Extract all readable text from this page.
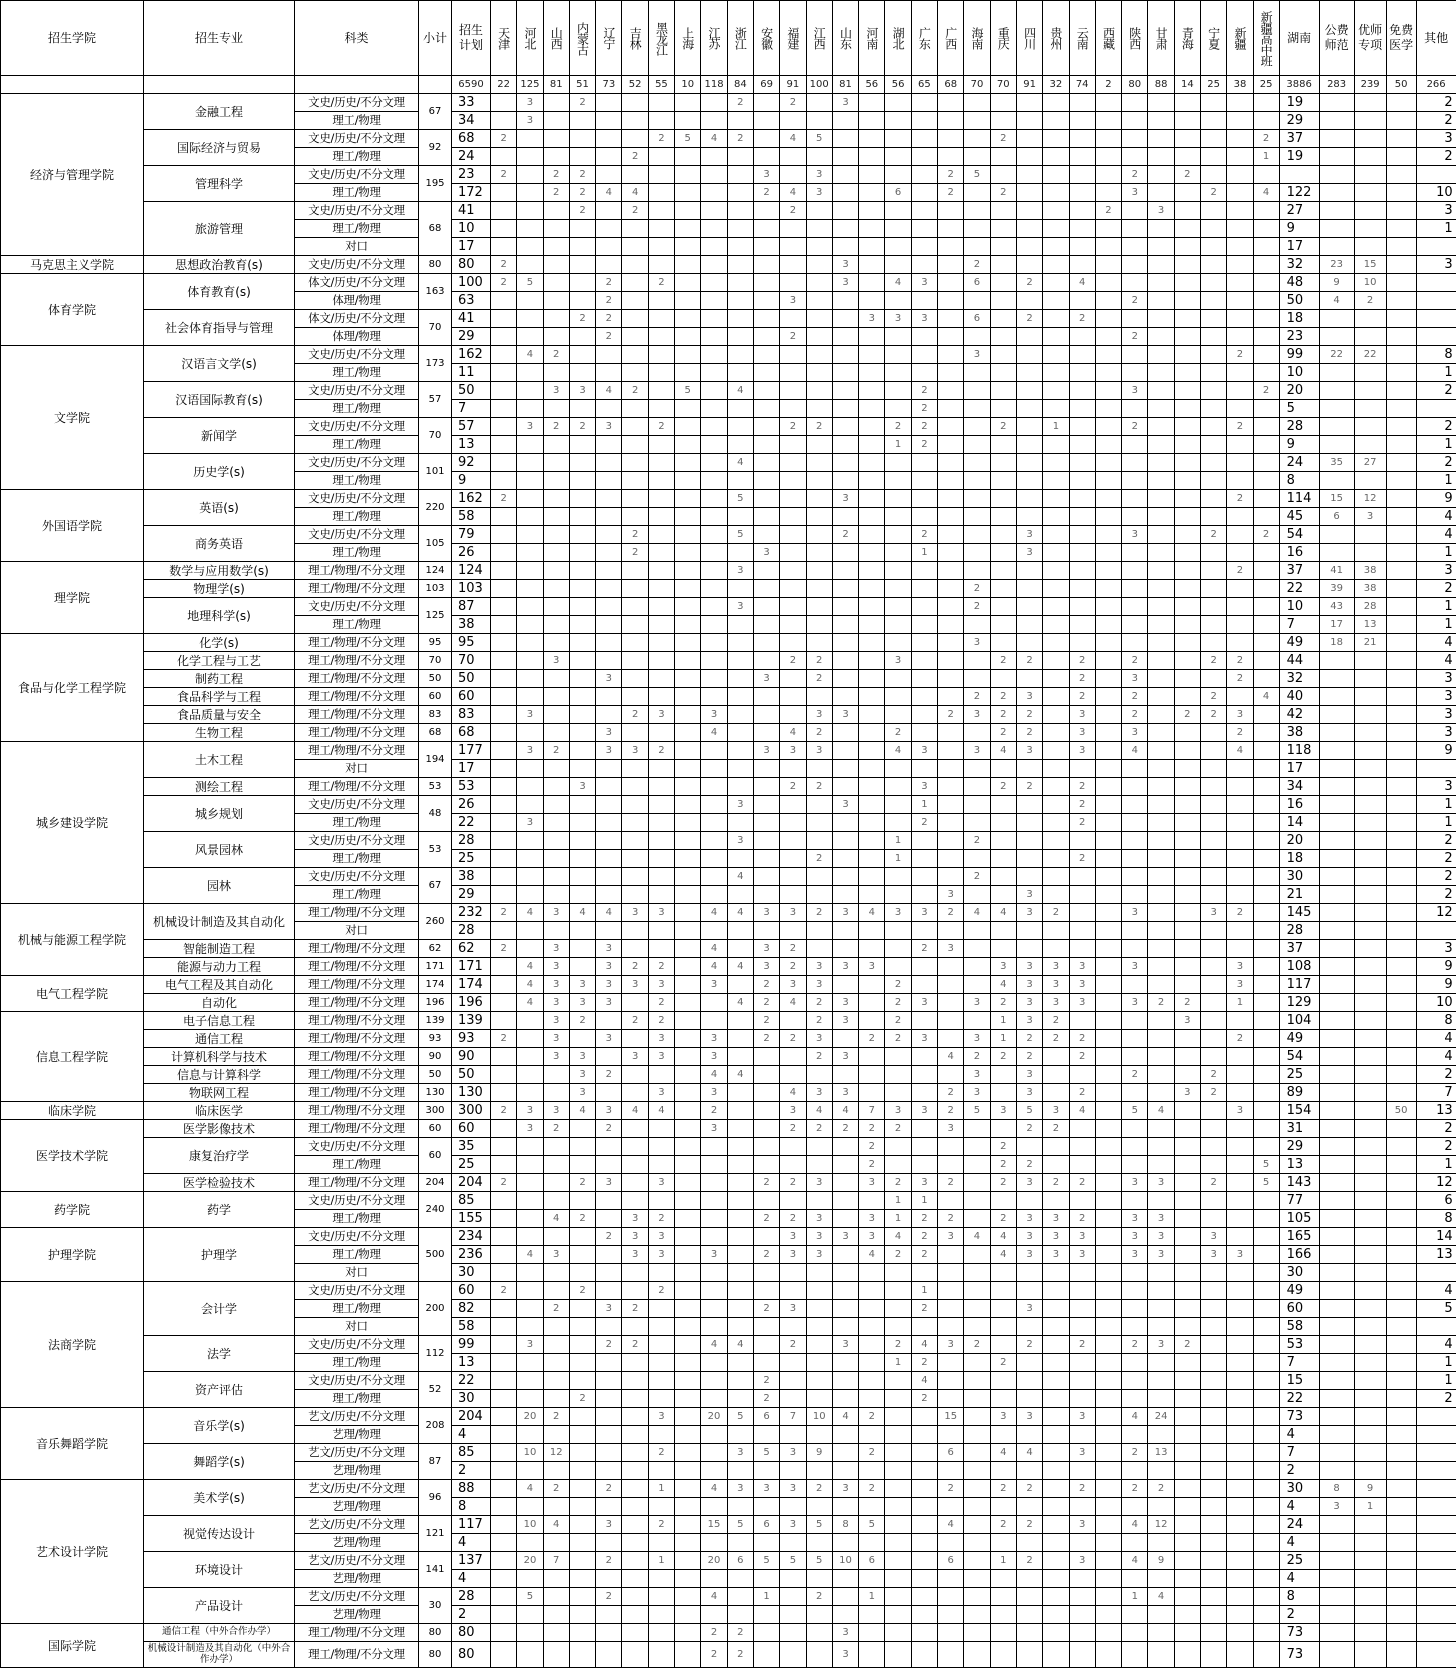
招生学院	招生专业	科类	小计	招生计划	天津	河北	山西	内蒙古	辽宁	吉林	黑龙江	上海	江苏	浙江	安徽	福建	江西	山东	河南	湖北	广东	广西	海南	重庆	四川	贵州	云南	西藏	陕西	甘肃	青海	宁夏	新疆	新疆高中班	湖南	公费师范	优师专项	免费医学	其他
				6590	22	125	81	51	73	52	55	10	118	84	69	91	100	81	56	56	65	68	70	70	91	32	74	2	80	88	14	25	38	25	3886	283	239	50	266
经济与管理学院	金融工程	文史/历史/不分文理	67	33		3		2						2		2		3																	19				2
		理工/物理		34		3																													29				2
	国际经济与贸易	文史/历史/不分文理	92	68	2						2	5	4	2		4	5							2										2	37				3
		理工/物理		24						2																								1	19				2
	管理科学	文史/历史/不分文理	195	23	2		2	2							3		3					2	5						2		2								
		理工/物理		172			2	2	4	4					2	4	3			6		2		2					3			2		4	122				10
	旅游管理	文史/历史/不分文理	68	41				2		2						2												2		3					27				3
		理工/物理		10																															9				1
		对口		17																															17				
马克思主义学院	思想政治教育(s)	文史/历史/不分文理	80	80	2													3					2												32	23	15		3
体育学院	体育教育(s)	体文/历史/不分文理	163	100	2	5			2		2							3		4	3		6		2		4								48	9	10		
		体理/物理		63					2							3													2						50	4	2		
	社会体育指导与管理	体文/历史/不分文理	70	41				2	2										3	3	3		6		2		2								18				
		体理/物理		29					2							2													2						23				
文学院	汉语言文学(s)	文史/历史/不分文理	173	162		4	2																3										2		99	22	22		8
		理工/物理		11																															10				1
	汉语国际教育(s)	文史/历史/不分文理	57	50			3	3	4	2		5		4							2								3					2	20				2
		理工/物理		7																	2														5				
	新闻学	文史/历史/不分文理	70	57		3	2	2	3		2					2	2			2	2			2		1			2				2		28				2
		理工/物理		13																1	2														9				1
	历史学(s)	文史/历史/不分文理	101	92										4																					24	35	27		2
		理工/物理		9																															8				1
外国语学院	英语(s)	文史/历史/不分文理	220	162	2									5				3															2		114	15	12		9
		理工/物理		58																															45	6	3		4
	商务英语	文史/历史/不分文理	105	79						2				5				2			2				3				3			2		2	54				4
		理工/物理		26						2					3						1				3										16				1
理学院	数学与应用数学(s)	理工/物理/不分文理	124	124										3																			2		37	41	38		3
	物理学(s)	理工/物理/不分文理	103	103																			2												22	39	38		2
	地理科学(s)	文史/历史/不分文理	125	87										3									2												10	43	28		1
		理工/物理		38																															7	17	13		1
食品与化学工程学院	化学(s)	理工/物理/不分文理	95	95																			3												49	18	21		4
	化学工程与工艺	理工/物理/不分文理	70	70			3									2	2			3				2	2		2		2			2	2		44				4
	制药工程	理工/物理/不分文理	50	50					3						3		2										2		3				2		32				3
	食品科学与工程	理工/物理/不分文理	60	60																			2	2	3		2		2			2		4	40				3
	食品质量与安全	理工/物理/不分文理	83	83		3				2	3		3				3	3				2	3	2	2		3		2		2	2	3		42				3
	生物工程	理工/物理/不分文理	68	68					3				4			4	2			2				2	2		3		3				2		38				3
城乡建设学院	土木工程	理工/物理/不分文理	194	177		3	2		3	3	2				3	3	3			4	3		3	4	3		3		4				4		118				9
		对口		17																															17				
	测绘工程	理工/物理/不分文理	53	53				3								2	2				3			2	2		2								34				3
	城乡规划	文史/历史/不分文理	48	26										3				3			1						2								16				1
		理工/物理		22		3															2						2								14				1
	风景园林	文史/历史/不分文理	53	28										3						1			2												20				2
		理工/物理		25													2			1							2								18				2
	园林	文史/历史/不分文理	67	38										4									2												30				2
		理工/物理		29																		3			3										21				2
机械与能源工程学院	机械设计制造及其自动化	理工/物理/不分文理	260	232	2	4	3	4	4	3	3		4	4	3	3	2	3	4	3	3	2	4	4	3	2			3			3	2		145				12
		对口		28																															28				
	智能制造工程	理工/物理/不分文理	62	62	2		3		3				4		3	2					2	3													37				3
	能源与动力工程	理工/物理/不分文理	171	171		4	3		3	2	2		4	4	3	2	3	3	3					3	3	3	3		3				3		108				9
电气工程学院	电气工程及其自动化	理工/物理/不分文理	174	174		4	3	3	3	3	3		3		2	3	3			2				4	3	3	3						3		117				9
	自动化	理工/物理/不分文理	196	196		4	3	3	3		2			4	2	4	2	3		2	3		3	2	3	3	3		3	2	2		1		129				10
信息工程学院	电子信息工程	理工/物理/不分文理	139	139			3	2		2	2				2		2	3		2				1	3	2					3				104				8
	通信工程	理工/物理/不分文理	93	93	2		3		3		3		3		2	2	3		2	2	3		3	1	2	2	2						2		49				4
	计算机科学与技术	理工/物理/不分文理	90	90			3	3		3	3		3				2	3				4	2	2	2		2								54				4
	信息与计算科学	理工/物理/不分文理	50	50				3	2				4	4									3		3				2			2			25				2
	物联网工程	理工/物理/不分文理	130	130				3			3		3			4	3	3				2	3		3		2				3	2			89				7
临床学院	临床医学	理工/物理/不分文理	300	300	2	3	3	4	3	4	4		2			3	4	4	7	3	3	2	5	3	5	3	4		5	4			3		154			50	13
医学技术学院	医学影像技术	理工/物理/不分文理	60	60		3	2		2				3			2	2	2	2	2		3			2	2									31				2
	康复治疗学	文史/历史/不分文理	60	35															2					2											29				2
		理工/物理		25															2					2	2									5	13				1
	医学检验技术	理工/物理/不分文理	204	204	2			2	3		3				2	2	3		3	2	3	2		2	3	2	2		3	3		2		5	143				12
药学院	药学	文史/历史/不分文理	240	85																1	1														77				6
		理工/物理		155			4	2		3	2				2	2	3		3	1	2	2		2	3	3	2		3	3					105				8
护理学院	护理学	文史/历史/不分文理	500	234					2	3	3					3	3	3	3	4	2	3	4	4	3	3	3		3	3		3			165				14
		理工/物理		236		4	3			3	3		3		2	3	3		4	2	2			4	3	3	3		3	3		3	3		166				13
		对口		30																															30				
法商学院	会计学	文史/历史/不分文理	200	60	2			2			2										1														49				4
		理工/物理		82			2		3	2					2	3					2				3										60				5
		对口		58																															58				
	法学	文史/历史/不分文理	112	99		3			2	2			4	4		2		3		2	4	3	2		2		2		2	3	2				53				4
		理工/物理		13																1	2			2											7				1
	资产评估	文史/历史/不分文理	52	22											2						4														15				1
		理工/物理		30				2							2						2														22				2
音乐舞蹈学院	音乐学(s)	艺文/历史/不分文理	208	204		20	2				3		20	5	6	7	10	4	2			15		3	3		3		4	24					73				
		艺理/物理		4																															4				
	舞蹈学(s)	艺文/历史/不分文理	87	85		10	12				2			3	5	3	9		2			6		4	4		3		2	13					7				
		艺理/物理		2																															2				
艺术设计学院	美术学(s)	艺文/历史/不分文理	96	88		4	2		2		1		4	3	3	3	2	3	2			2		2	2		2		2	2					30	8	9		
		艺理/物理		8																															4	3	1		
	视觉传达设计	艺文/历史/不分文理	121	117		10	4		3		2		15	5	6	3	5	8	5			4		2	2		3		4	12					24				
		艺理/物理		4																															4				
	环境设计	艺文/历史/不分文理	141	137		20	7		2		1		20	6	5	5	5	10	6			6		1	2		3		4	9					25				
		艺理/物理		4																															4				
	产品设计	艺文/历史/不分文理	30	28		5			2				4		1		2		1										1	4					8				
		艺理/物理		2																															2				
国际学院	通信工程（中外合作办学）	理工/物理/不分文理	80	80									2	2				3																	73				
	机械设计制造及其自动化（中外合作办学）	理工/物理/不分文理	80	80									2	2				3																	73				
